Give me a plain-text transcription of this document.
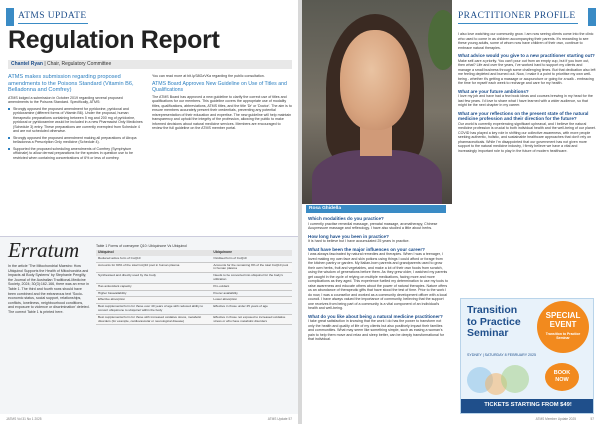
ATMS UPDATE
Regulation Report
Chantel Ryan | Chair, Regulatory Committee
ATMS makes submission regarding proposed amendments to the Poisons Standard (Vitamin B6, Belladonna and Comfrey)
ATMS lodged a submission in October 2019 regarding several proposed amendments to the Poisons Standard. Specifically, ATMS:
Strongly opposed the proposed amendment for pyridoxine, pyridoxal and pyridoxamine (different forms of Vitamin B6). Under the proposal, human therapeutic preparations containing between 5 mg and 200 mg of pyridoxine, pyridoxal or pyridoxamine would be included in a new Pharmacist Only Medicines (Schedule 3) entry. These preparations are currently exempted from Schedule 4 and are not scheduled otherwise.
Strongly opposed the proposed amendment making all preparations of Atropa belladonna a Prescription Only medicine (Schedule 4).
Supported the proposed scheduling amendments of Comfrey (Symphytum officinale) to allow dermal preparations for the species in question use to be restricted when containing concentrations of 6% or less of comfrey.
You can read more at bit.ly/38GzVKa regarding the public consultation.
ATMS Board Approves New Guideline on Use of Titles and Qualifications
The ATMS Board has approved a new guideline to clarify the correct use of titles and qualifications for our members. This guideline covers the appropriate use of modality titles, qualifications, abbreviations, ATMS titles, and the title 'Dr' or 'Doctor'. The aim is to ensure members accurately present their credentials, preventing any potential misrepresentation of their education and expertise. The new guideline will help maintain transparency and uphold the integrity of the profession, allowing the public to make informed decisions about natural medicine services. Members are encouraged to review the full guideline on the ATMS member portal.
Erratum
In the article 'The Mitochondrial Maestro: How Ubiquinol Supports the Health of Mitochondria and Impacts all Body Systems' by Stephanie Pengilly, the Journal of the Australian Traditional-Medicine Society, 2024; 30(3):162-166, there was an error in Table 1. The third and fourth rows should have been combined and the extraneous text 'Socio-economic status, social support, relationships, conflicts, loneliness, neighbourhood conditions, and exposure to violence or discrimination' deleted. The correct Table 1 is printed here.
Table 1 Forms of coenzyme Q10: Ubiquinone Vs Ubiquinol
Ubiquinol	Ubiquinone
Reduced active form of CoQ10	Oxidised form of CoQ10
Accounts for 90% of the total CoQ10 pool in human plasma	Accounts for the remaining 9% of the total CoQ10 pool in human plasma
Synthesised and directly used by the body	Needs to be converted into ubiquinol for the body's utilization
Has antioxidant capacity	Pro-oxidant
Higher bioavailability	Poorer availability
Effective absorption	Lower absorption
Best supplemental form for those over 40 years of age with reduced ability to convert ubiquinone to ubiquinol within the body	Effective in those under 25 years of age
Best supplemental form for those with increased oxidative stress, metabolic disorders (for example, cardiovascular or neurological disease)	Effective in those not exposed to increased oxidative stress or who have metabolic disorders
JATMS Vol 31 No 1 2025	ATMS Update 57
Rosa Ghidella
PRACTITIONER PROFILE
Which modalities do you practice?
I currently practise remedial massage, prenatal massage, aromatherapy, Chinese Acupressure massage and reflexology. I have also studied a little about herbs.
How long have you been in practice?
It is hard to believe but I have accumulated 25 years in practice.
What have been the major influences on your career?
I was always fascinated by natural remedies and therapies. When I was a teenager, I loved making my own face and skin potions using things I could afford or forage from the kitchen pantry or garden. My Italian-born parents and grandparents used to grow their own herbs, fruit and vegetables, and make a lot of their own foods from scratch, using the wisdom of generations before them. As they grew older, I watched my parents get caught in the cycle of relying on multiple medications, facing more and more complications as they aged. This experience fuelled my determination to use my tools to raise awareness and educate others about the power of natural therapies. Nature offers us an abundance of therapeutic gifts that have stood the test of time. Prior to the work I do now, I was a counsellor and worked as a community development officer with a local council. I have always valued the importance of community, believing that the support one receives from being part of a community is a vital component of an individual's health and well-being.
What do you like about being a natural medicine practitioner?
I take great satisfaction in knowing that the work I do has the power to transform not only the health and quality of life of my clients but also positively impact their families and communities. What may seem like something simple, such as easing a woman's pain to help them move and relax and sleep better, can be deeply transformational for that individual.
I also love watching our community grow. I am now seeing clients come into the clinic who used to come in as children accompanying their parents. It's rewarding to see these young adults, some of whom now have children of their own, continue to embrace natural therapies.
What advice would you give to a new practitioner starting out?
Make self-care a priority. You can't pour out from an empty cup, but if you burn out, then what? Life and over the years, I've worked hard to support my clients and manage a small business through some challenging times. But that dedication also left me feeling depleted and burned out. Now, I make it a point to prioritise my own well-being - whether it's getting a massage or acupuncture or going for a walk - embracing the time for myself each week to recharge and care for my health.
What are your future ambitions?
I love my job and have had a few book ideas and courses brewing in my head for the last few years. I'd love to share what I have learned with a wider audience, so that might be the next chapter in my career.
What are your reflections on the present state of the natural medicine profession and their direction for the future?
Our world is currently experiencing significant upheaval, and I believe the natural medicine profession is crucial to both individual health and the well-being of our planet. COVID has played a key role in shifting our collective awareness, with more people seeking authentic, holistic, and sustainable healthcare approaches that don't rely on pharmaceuticals. While I'm disappointed that our government has not given more support to the natural medicine industry, I firmly believe we have a vital and increasingly important role to play in the future of modern healthcare.
Transition
to Practice
Seminar
SPECIAL
EVENT
Transition to Practice
Seminar
SYDNEY | SATURDAY 8 FEBRUARY 2025
BOOK
NOW
TICKETS STARTING FROM $49!
ATMS Member Update 2025	57
